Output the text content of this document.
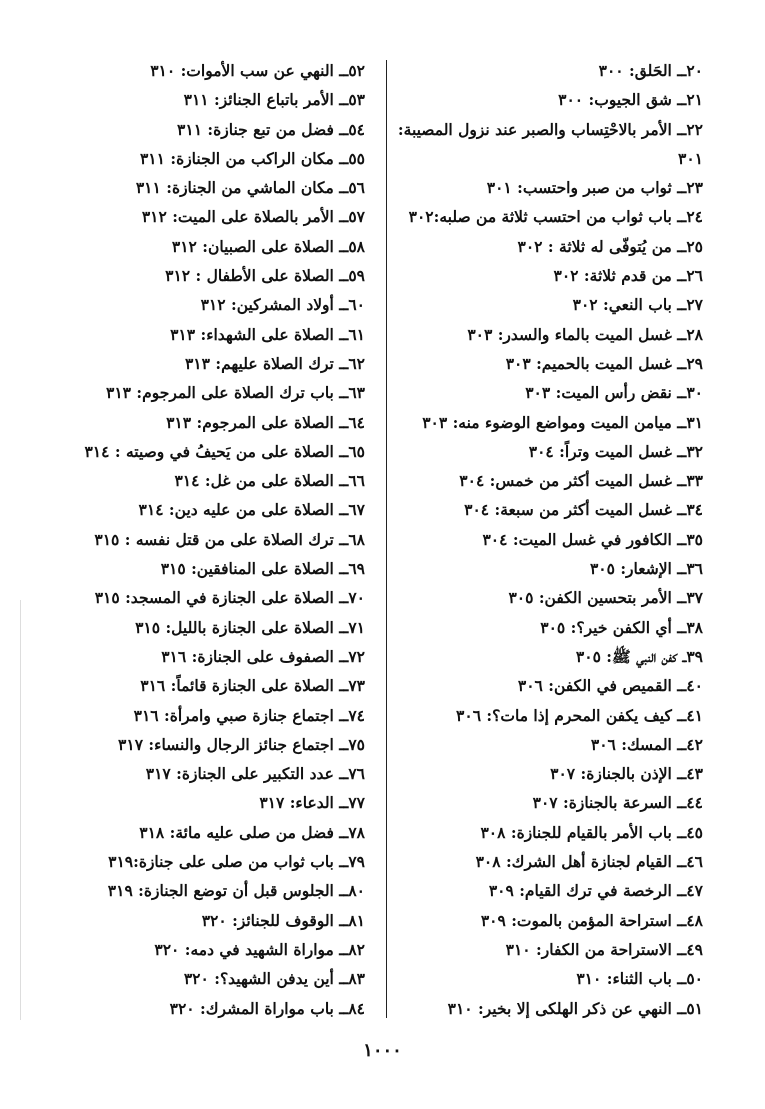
٢٠ــ الحَلق: ٣٠٠
٢١ــ شق الجيوب: ٣٠٠
٢٢ــ الأمر بالاحْتِساب والصبر عند نزول المصيبة: ٣٠١
٢٣ــ ثواب من صبر واحتسب: ٣٠١
٢٤ــ باب ثواب من احتسب ثلاثة من صلبه:٣٠٢
٢٥ــ من يُتوفّى له ثلاثة : ٣٠٢
٢٦ــ من قدم ثلاثة: ٣٠٢
٢٧ــ باب النعي: ٣٠٢
٢٨ــ غسل الميت بالماء والسدر: ٣٠٣
٢٩ــ غسل الميت بالحميم: ٣٠٣
٣٠ــ نقض رأس الميت: ٣٠٣
٣١ــ ميامن الميت ومواضع الوضوء منه: ٣٠٣
٣٢ــ غسل الميت وتراً: ٣٠٤
٣٣ــ غسل الميت أكثر من خمس: ٣٠٤
٣٤ــ غسل الميت أكثر من سبعة: ٣٠٤
٣٥ــ الكافور في غسل الميت: ٣٠٤
٣٦ــ الإشعار: ٣٠٥
٣٧ــ الأمر بتحسين الكفن: ٣٠٥
٣٨ــ أي الكفن خير؟: ٣٠٥
٣٩ــ كفن النبي ﷺ: ٣٠٥
٤٠ــ القميص في الكفن: ٣٠٦
٤١ــ كيف يكفن المحرم إذا مات؟: ٣٠٦
٤٢ــ المسك: ٣٠٦
٤٣ــ الإذن بالجنازة: ٣٠٧
٤٤ــ السرعة بالجنازة: ٣٠٧
٤٥ــ باب الأمر بالقيام للجنازة: ٣٠٨
٤٦ــ القيام لجنازة أهل الشرك: ٣٠٨
٤٧ــ الرخصة في ترك القيام: ٣٠٩
٤٨ــ استراحة المؤمن بالموت: ٣٠٩
٤٩ــ الاستراحة من الكفار: ٣١٠
٥٠ــ باب الثناء: ٣١٠
٥١ــ النهي عن ذكر الهلكى إلا بخير: ٣١٠
٥٢ــ النهي عن سب الأموات: ٣١٠
٥٣ــ الأمر باتباع الجنائز: ٣١١
٥٤ــ فضل من تبع جنازة: ٣١١
٥٥ــ مكان الراكب من الجنازة: ٣١١
٥٦ــ مكان الماشي من الجنازة: ٣١١
٥٧ــ الأمر بالصلاة على الميت: ٣١٢
٥٨ــ الصلاة على الصبيان: ٣١٢
٥٩ــ الصلاة على الأطفال : ٣١٢
٦٠ــ أولاد المشركين: ٣١٢
٦١ــ الصلاة على الشهداء: ٣١٣
٦٢ــ ترك الصلاة عليهم: ٣١٣
٦٣ــ باب ترك الصلاة على المرجوم: ٣١٣
٦٤ــ الصلاة على المرجوم: ٣١٣
٦٥ــ الصلاة على من يَحيفُ في وصيته : ٣١٤
٦٦ــ الصلاة على من غل: ٣١٤
٦٧ــ الصلاة على من عليه دين: ٣١٤
٦٨ــ ترك الصلاة على من قتل نفسه : ٣١٥
٦٩ــ الصلاة على المنافقين: ٣١٥
٧٠ــ الصلاة على الجنازة في المسجد: ٣١٥
٧١ــ الصلاة على الجنازة بالليل: ٣١٥
٧٢ــ الصفوف على الجنازة: ٣١٦
٧٣ــ الصلاة على الجنازة قائماً: ٣١٦
٧٤ــ اجتماع جنازة صبي وامرأة: ٣١٦
٧٥ــ اجتماع جنائز الرجال والنساء: ٣١٧
٧٦ــ عدد التكبير على الجنازة: ٣١٧
٧٧ــ الدعاء: ٣١٧
٧٨ــ فضل من صلى عليه مائة: ٣١٨
٧٩ــ باب ثواب من صلى على جنازة:٣١٩
٨٠ــ الجلوس قبل أن توضع الجنازة: ٣١٩
٨١ــ الوقوف للجنائز: ٣٢٠
٨٢ــ مواراة الشهيد في دمه: ٣٢٠
٨٣ــ أين يدفن الشهيد؟: ٣٢٠
٨٤ــ باب مواراة المشرك: ٣٢٠
١٠٠٠
